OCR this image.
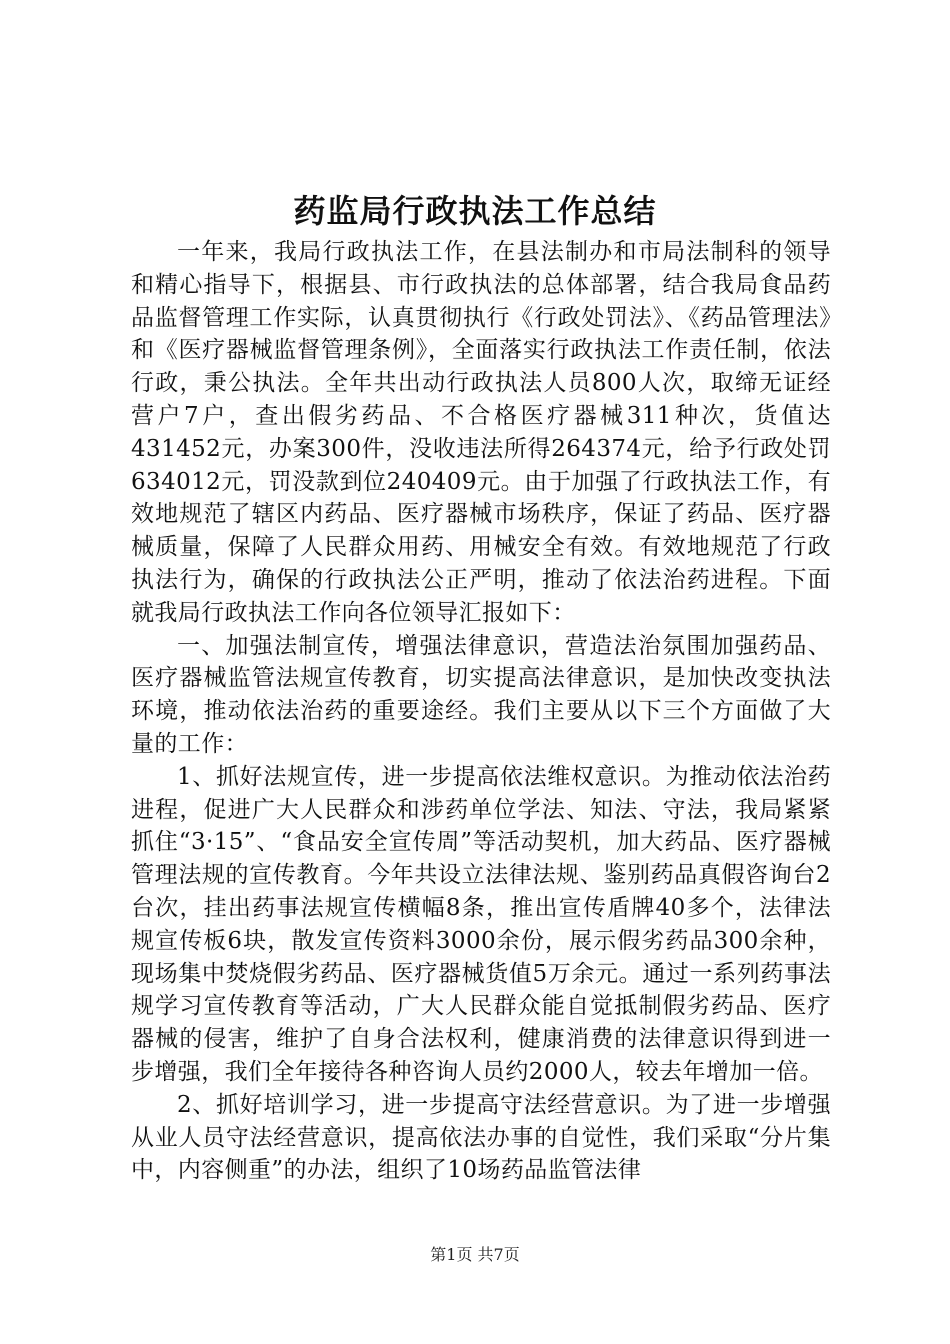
药监局行政执法工作总结

一年来，我局行政执法工作，在县法制办和市局法制科的领导和精心指导下，根据县、市行政执法的总体部署，结合我局食品药品监督管理工作实际，认真贯彻执行《行政处罚法》、《药品管理法》和《医疗器械监督管理条例》，全面落实行政执法工作责任制，依法行政，秉公执法。全年共出动行政执法人员800人次，取缔无证经营户7户，查出假劣药品、不合格医疗器械311种次，货值达431452元，办案300件，没收违法所得264374元，给予行政处罚634012元，罚没款到位240409元。由于加强了行政执法工作，有效地规范了辖区内药品、医疗器械市场秩序，保证了药品、医疗器械质量，保障了人民群众用药、用械安全有效。有效地规范了行政执法行为，确保的行政执法公正严明，推动了依法治药进程。下面就我局行政执法工作向各位领导汇报如下：

一、加强法制宣传，增强法律意识，营造法治氛围加强药品、医疗器械监管法规宣传教育，切实提高法律意识，是加快改变执法环境，推动依法治药的重要途经。我们主要从以下三个方面做了大量的工作：

1、抓好法规宣传，进一步提高依法维权意识。为推动依法治药进程，促进广大人民群众和涉药单位学法、知法、守法，我局紧紧抓住“3·15”、“食品安全宣传周”等活动契机，加大药品、医疗器械管理法规的宣传教育。今年共设立法律法规、鉴别药品真假咨询台2台次，挂出药事法规宣传横幅8条，推出宣传盾牌40多个，法律法规宣传板6块，散发宣传资料3000余份，展示假劣药品300余种，现场集中焚烧假劣药品、医疗器械货值5万余元。通过一系列药事法规学习宣传教育等活动，广大人民群众能自觉抵制假劣药品、医疗器械的侵害，维护了自身合法权利，健康消费的法律意识得到进一步增强，我们全年接待各种咨询人员约2000人，较去年增加一倍。

2、抓好培训学习，进一步提高守法经营意识。为了进一步增强从业人员守法经营意识，提高依法办事的自觉性，我们采取“分片集中，内容侧重”的办法，组织了10场药品监管法律

第1页 共7页
